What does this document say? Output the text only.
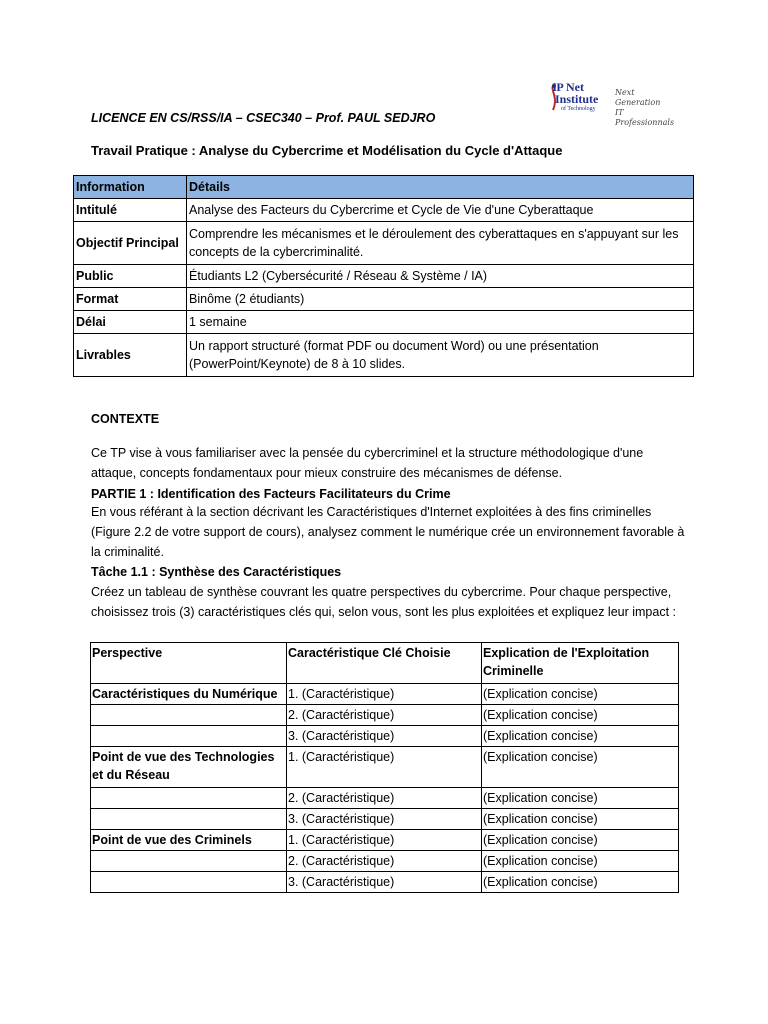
LICENCE EN CS/RSS/IA – CSEC340 – Prof. PAUL SEDJRO
iP Net
Institute
of Technology
Next Generation
IT Professionnals
Travail Pratique : Analyse du Cybercrime et Modélisation du Cycle d'Attaque
Information	Détails
Intitulé	Analyse des Facteurs du Cybercrime et Cycle de Vie d'une Cyberattaque
Objectif Principal	Comprendre les mécanismes et le déroulement des cyberattaques en s'appuyant sur les concepts de la cybercriminalité.
Public	Étudiants L2 (Cybersécurité / Réseau & Système / IA)
Format	Binôme (2 étudiants)
Délai	1 semaine
Livrables	Un rapport structuré (format PDF ou document Word) ou une présentation (PowerPoint/Keynote) de 8 à 10 slides.
CONTEXTE
Ce TP vise à vous familiariser avec la pensée du cybercriminel et la structure méthodologique d'une attaque, concepts fondamentaux pour mieux construire des mécanismes de défense.
PARTIE 1 : Identification des Facteurs Facilitateurs du Crime
En vous référant à la section décrivant les Caractéristiques d'Internet exploitées à des fins criminelles (Figure 2.2 de votre support de cours), analysez comment le numérique crée un environnement favorable à la criminalité.
Tâche 1.1 : Synthèse des Caractéristiques
Créez un tableau de synthèse couvrant les quatre perspectives du cybercrime. Pour chaque perspective, choisissez trois (3) caractéristiques clés qui, selon vous, sont les plus exploitées et expliquez leur impact :
Perspective	Caractéristique Clé Choisie	Explication de l'Exploitation Criminelle
Caractéristiques du Numérique	1. (Caractéristique)	(Explication concise)
	2. (Caractéristique)	(Explication concise)
	3. (Caractéristique)	(Explication concise)
Point de vue des Technologies et du Réseau	1. (Caractéristique)	(Explication concise)
	2. (Caractéristique)	(Explication concise)
	3. (Caractéristique)	(Explication concise)
Point de vue des Criminels	1. (Caractéristique)	(Explication concise)
	2. (Caractéristique)	(Explication concise)
	3. (Caractéristique)	(Explication concise)
